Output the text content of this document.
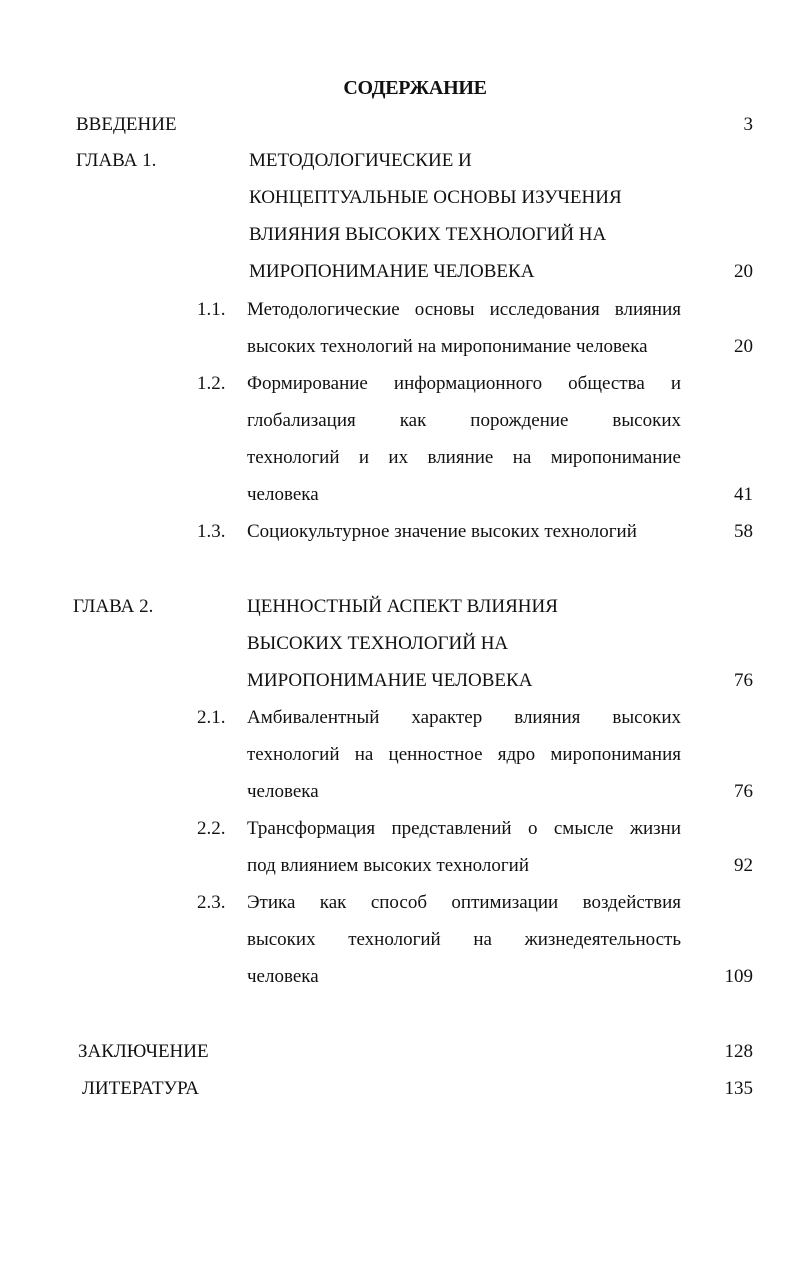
СОДЕРЖАНИЕ
ВВЕДЕНИЕ	3
ГЛАВА 1.	МЕТОДОЛОГИЧЕСКИЕ И
КОНЦЕПТУАЛЬНЫЕ ОСНОВЫ ИЗУЧЕНИЯ
ВЛИЯНИЯ ВЫСОКИХ ТЕХНОЛОГИЙ НА
МИРОПОНИМАНИЕ ЧЕЛОВЕКА	20
1.1. Методологические основы исследования влияния
высоких технологий на миропонимание человека	20
1.2. Формирование информационного общества и
глобализация как порождение высоких
технологий и их влияние на миропонимание
человека	41
1.3. Социокультурное значение высоких технологий	58
ГЛАВА 2.	ЦЕННОСТНЫЙ АСПЕКТ ВЛИЯНИЯ
ВЫСОКИХ ТЕХНОЛОГИЙ НА
МИРОПОНИМАНИЕ ЧЕЛОВЕКА	76
2.1. Амбивалентный характер влияния высоких
технологий на ценностное ядро миропонимания
человека	76
2.2. Трансформация представлений о смысле жизни
под влиянием высоких технологий	92
2.3. Этика как способ оптимизации воздействия
высоких технологий на жизнедеятельность
человека	109
ЗАКЛЮЧЕНИЕ	128
ЛИТЕРАТУРА	135
